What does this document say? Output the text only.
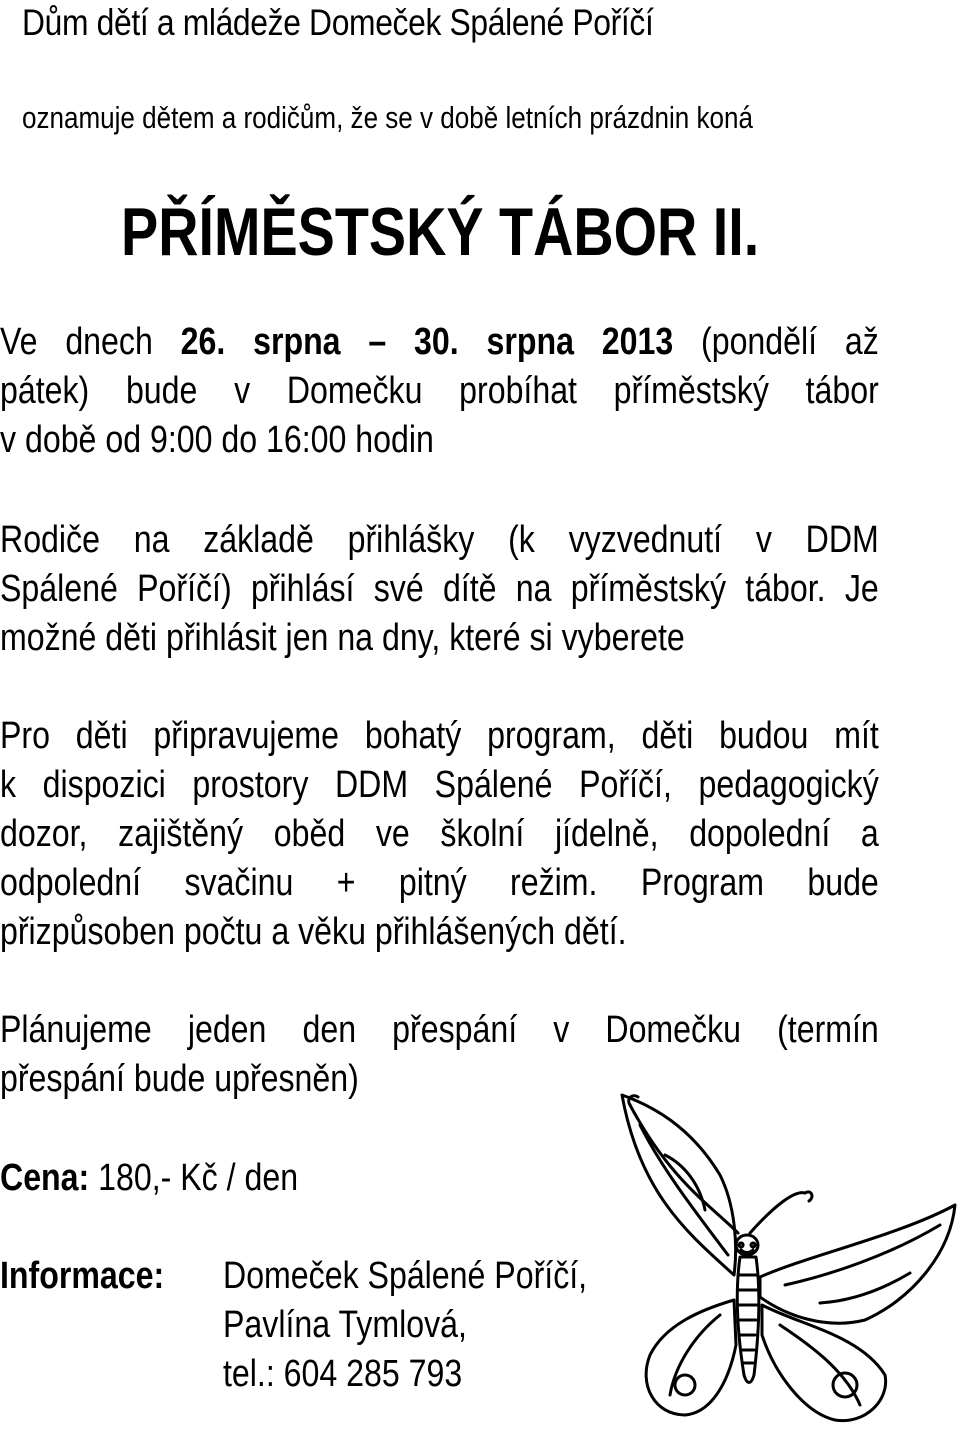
Dům dětí a mládeže Domeček Spálené Poříčí
oznamuje dětem a rodičům, že se v době letních prázdnin koná
PŘÍMĚSTSKÝ TÁBOR II.
Ve dnech 26. srpna – 30. srpna 2013 (pondělí až
pátek) bude v Domečku probíhat příměstský tábor
v době od 9:00 do 16:00 hodin
Rodiče na základě přihlášky (k vyzvednutí v DDM
Spálené Poříčí) přihlásí své dítě na příměstský tábor. Je
možné děti přihlásit jen na dny, které si vyberete
Pro děti připravujeme bohatý program, děti budou mít
k dispozici prostory DDM Spálené Poříčí, pedagogický
dozor, zajištěný oběd ve školní jídelně, dopolední a
odpolední svačinu + pitný režim. Program bude
přizpůsoben počtu a věku přihlášených dětí.
Plánujeme jeden den přespání v Domečku (termín
přespání bude upřesněn)
Cena: 180,- Kč / den
Informace: Domeček Spálené Poříčí,
Pavlína Tymlová,
tel.: 604 285 793
